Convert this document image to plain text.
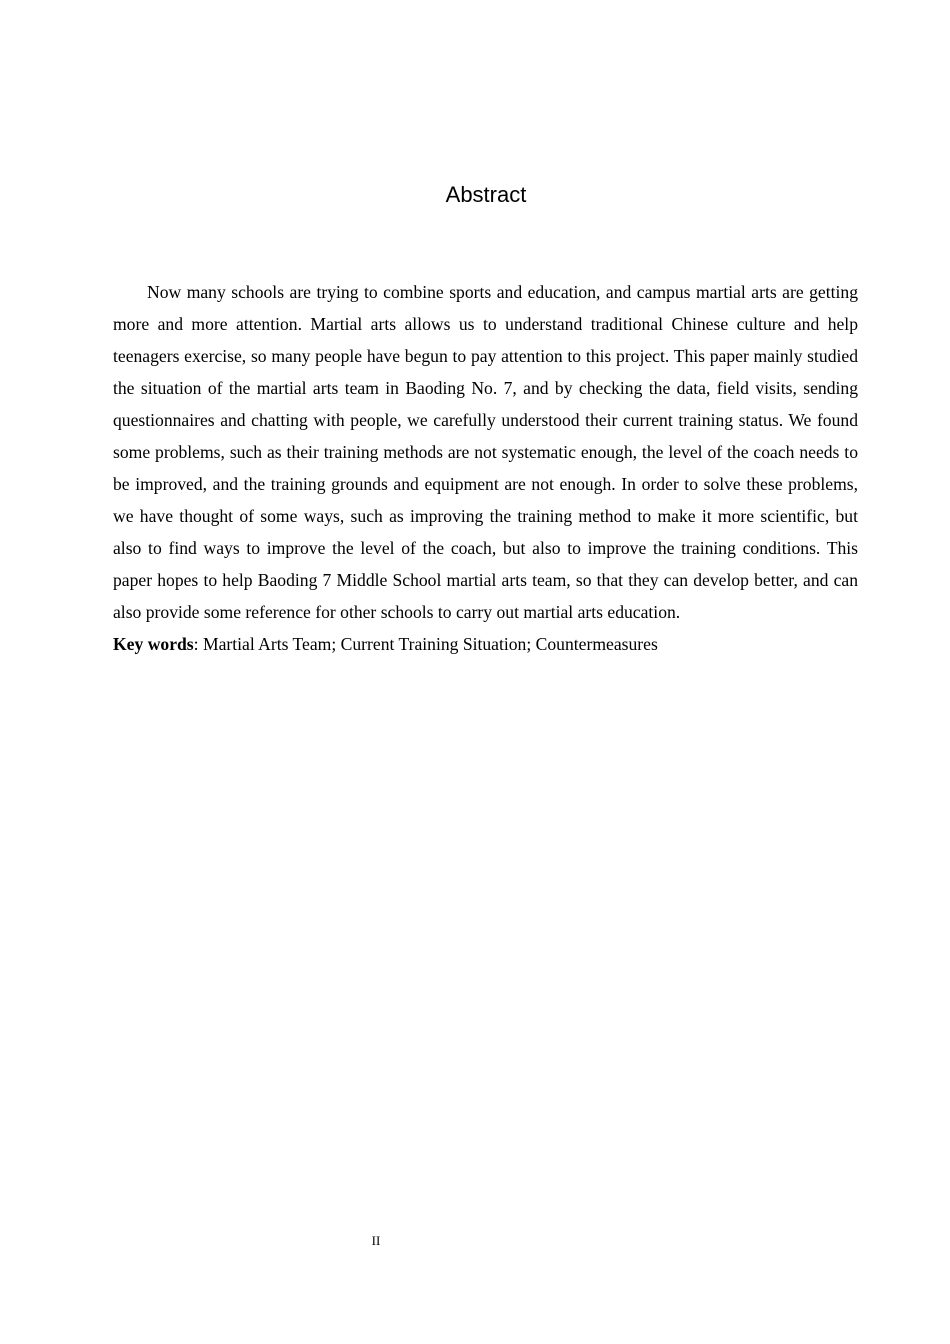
Abstract

Now many schools are trying to combine sports and education, and campus martial arts are getting more and more attention. Martial arts allows us to understand traditional Chinese culture and help teenagers exercise, so many people have begun to pay attention to this project. This paper mainly studied the situation of the martial arts team in Baoding No. 7, and by checking the data, field visits, sending questionnaires and chatting with people, we carefully understood their current training status. We found some problems, such as their training methods are not systematic enough, the level of the coach needs to be improved, and the training grounds and equipment are not enough. In order to solve these problems, we have thought of some ways, such as improving the training method to make it more scientific, but also to find ways to improve the level of the coach, but also to improve the training conditions. This paper hopes to help Baoding 7 Middle School martial arts team, so that they can develop better, and can also provide some reference for other schools to carry out martial arts education.

Key words: Martial Arts Team; Current Training Situation; Countermeasures

II
